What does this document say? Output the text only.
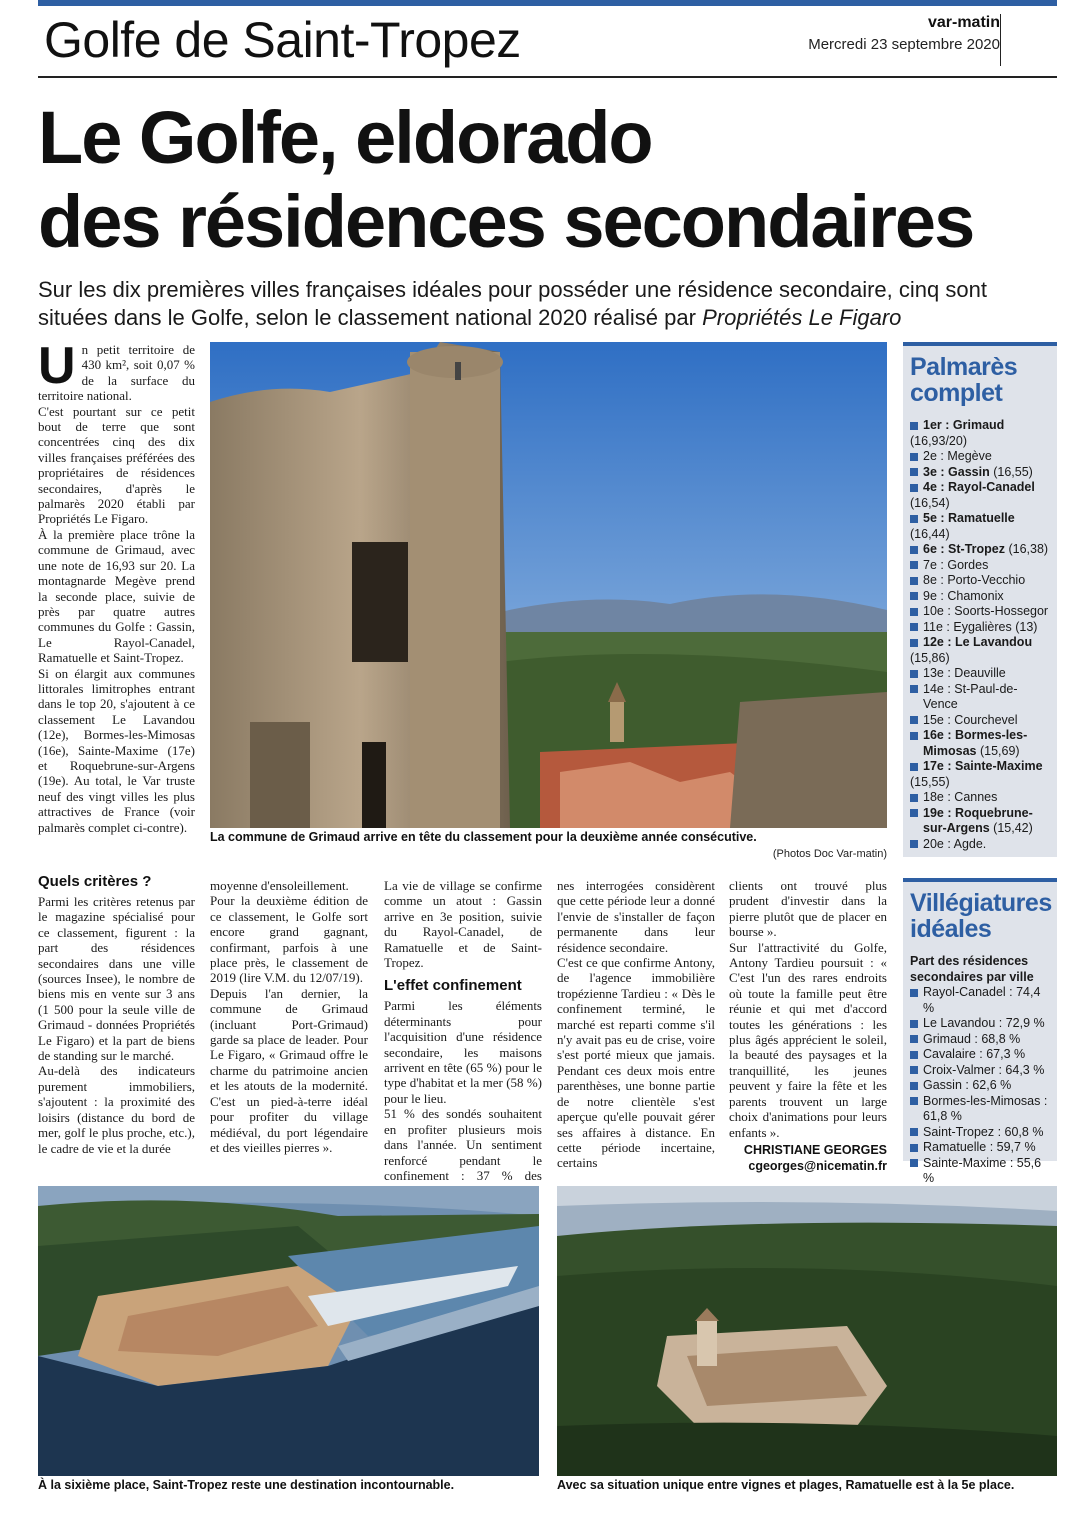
Golfe de Saint-Tropez	var-matin
Mercredi 23 septembre 2020
Le Golfe, eldorado
des résidences secondaires
Sur les dix premières villes françaises idéales pour posséder une résidence secondaire, cinq sont situées dans le Golfe, selon le classement national 2020 réalisé par Propriétés Le Figaro
U n petit territoire de 430 km², soit 0,07 % de la surface du territoire national.

C'est pourtant sur ce petit bout de terre que sont concentrées cinq des dix villes françaises préférées des propriétaires de résidences secondaires, d'après le palmarès 2020 établi par Propriétés Le Figaro.

À la première place trône la commune de Grimaud, avec une note de 16,93 sur 20. La montagnarde Megève prend la seconde place, suivie de près par quatre autres communes du Golfe : Gassin, Le Rayol-Canadel, Ramatuelle et Saint-Tropez.

Si on élargit aux communes littorales limitrophes entrant dans le top 20, s'ajoutent à ce classement Le Lavandou (12e), Bormes-les-Mimosas (16e), Sainte-Maxime (17e) et Roquebrune-sur-Argens (19e). Au total, le Var truste neuf des vingt villes les plus attractives de France (voir palmarès complet ci-contre).

La commune de Grimaud arrive en tête du classement pour la deuxième année consécutive.
(Photos Doc Var-matin)
Palmarès
complet
1er : Grimaud
(16,93/20)
2e : Megève
3e : Gassin (16,55)
4e : Rayol-Canadel
(16,54)
5e : Ramatuelle
(16,44)
6e : St-Tropez (16,38)
7e : Gordes
8e : Porto-Vecchio
9e : Chamonix
10e : Soorts-Hossegor
11e : Eygalières (13)
12e : Le Lavandou
(15,86)
13e : Deauville
14e : St-Paul-de-Vence
15e : Courchevel
16e : Bormes-les-Mimosas (15,69)
17e : Sainte-Maxime
(15,55)
18e : Cannes
19e : Roquebrune-sur-Argens (15,42)
20e : Agde.
Quels critères ?

Parmi les critères retenus par le magazine spécialisé pour ce classement, figurent : la part des résidences secondaires dans une ville (sources Insee), le nombre de biens mis en vente sur 3 ans (1 500 pour la seule ville de Grimaud - données Propriétés Le Figaro) et la part de biens de standing sur le marché.

Au-delà des indicateurs purement immobiliers, s'ajoutent : la proximité des loisirs (distance du bord de mer, golf le plus proche, etc.), le cadre de vie et la durée

moyenne d'ensoleillement.

Pour la deuxième édition de ce classement, le Golfe sort encore grand gagnant, confirmant, parfois à une place près, le classement de 2019 (lire V.M. du 12/07/19).

Depuis l'an dernier, la commune de Grimaud (incluant Port-Grimaud) garde sa place de leader. Pour Le Figaro, « Grimaud offre le charme du patrimoine ancien et les atouts de la modernité. C'est un pied-à-terre idéal pour profiter du village médiéval, du port légendaire et des vieilles pierres ».

La vie de village se confirme comme un atout : Gassin arrive en 3e position, suivie du Rayol-Canadel, de Ramatuelle et de Saint-Tropez.

L'effet confinement

Parmi les éléments déterminants pour l'acquisition d'une résidence secondaire, les maisons arrivent en tête (65 %) pour le type d'habitat et la mer (58 %) pour le lieu.

51 % des sondés souhaitent en profiter plusieurs mois dans l'année. Un sentiment renforcé pendant le confinement : 37 % des

nes interrogées considèrent que cette période leur a donné l'envie de s'installer de façon permanente dans leur résidence secondaire.

C'est ce que confirme Antony, de l'agence immobilière tropézienne Tardieu : « Dès le confinement terminé, le marché est reparti comme s'il n'y avait pas eu de crise, voire s'est porté mieux que jamais. Pendant ces deux mois entre parenthèses, une bonne partie de notre clientèle s'est aperçue qu'elle pouvait gérer ses affaires à distance. En cette période incertaine, certains

clients ont trouvé plus prudent d'investir dans la pierre plutôt que de placer en bourse ».

Sur l'attractivité du Golfe, Antony Tardieu poursuit : « C'est l'un des rares endroits où toute la famille peut être réunie et qui met d'accord toutes les générations : les plus âgés apprécient le soleil, la beauté des paysages et la tranquillité, les jeunes peuvent y faire la fête et les parents trouvent un large choix d'animations pour leurs enfants ».

CHRISTIANE GEORGES
cgeorges@nicematin.fr
Villégiatures
idéales
Part des résidences secondaires par ville
Rayol-Canadel : 74,4 %
Le Lavandou : 72,9 %
Grimaud : 68,8 %
Cavalaire : 67,3 %
Croix-Valmer : 64,3 %
Gassin : 62,6 %
Bormes-les-Mimosas : 61,8 %
Saint-Tropez : 60,8 %
Ramatuelle : 59,7 %
Sainte-Maxime : 55,6 %
À la sixième place, Saint-Tropez reste une destination incontournable.	Avec sa situation unique entre vignes et plages, Ramatuelle est à la 5e place.
